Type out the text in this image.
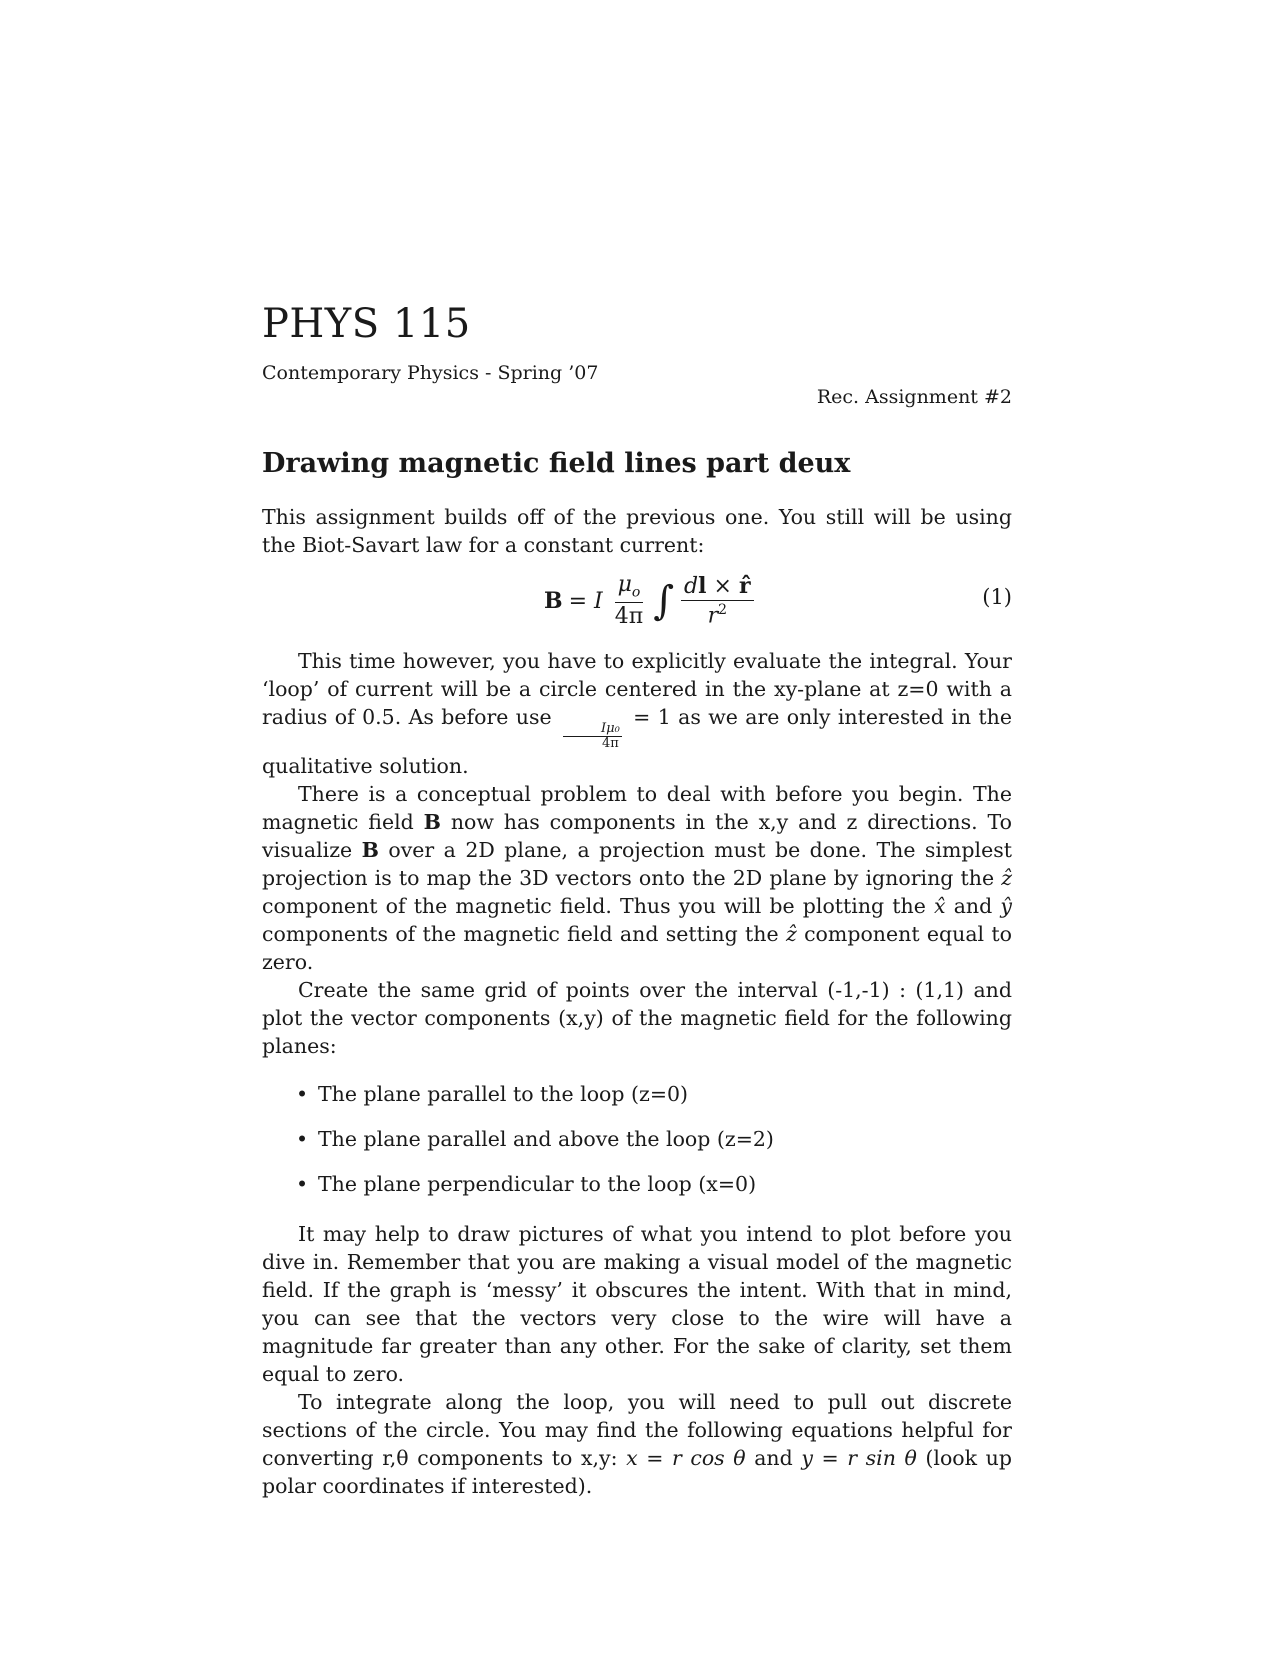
PHYS 115
Contemporary Physics - Spring ’07
Rec. Assignment #2
Drawing magnetic field lines part deux

This assignment builds off of the previous one. You still will be using the Biot-Savart law for a constant current:

B = I $\frac{\mu_o}{4\pi}$ ∫ $\frac{dl \times r̂}{r^2}$	(1)

This time however, you have to explicitly evaluate the integral. Your ‘loop’ of current will be a circle centered in the xy-plane at z=0 with a radius of 0.5. As before use
$\frac{\text{Iμ₀}}{4\pi}$
= 1 as we are only interested in the qualitative solution.

There is a conceptual problem to deal with before you begin. The magnetic field B now has components in the x,y and z directions. To visualize B over a 2D plane, a projection must be done. The simplest projection is to map the 3D vectors onto the 2D plane by ignoring the ẑ component of the magnetic field. Thus you will be plotting the x̂ and ŷ components of the magnetic field and setting the ẑ component equal to zero.

Create the same grid of points over the interval (-1,-1) : (1,1) and plot the vector components (x,y) of the magnetic field for the following planes:

• The plane parallel to the loop (z=0)
• The plane parallel and above the loop (z=2)
• The plane perpendicular to the loop (x=0)

It may help to draw pictures of what you intend to plot before you dive in. Remember that you are making a visual model of the magnetic field. If the graph is ‘messy’ it obscures the intent. With that in mind, you can see that the vectors very close to the wire will have a magnitude far greater than any other. For the sake of clarity, set them equal to zero.

To integrate along the loop, you will need to pull out discrete sections of the circle. You may find the following equations helpful for converting r,θ components to x,y: x = r cos θ and y = r sin θ (look up polar coordinates if interested).
